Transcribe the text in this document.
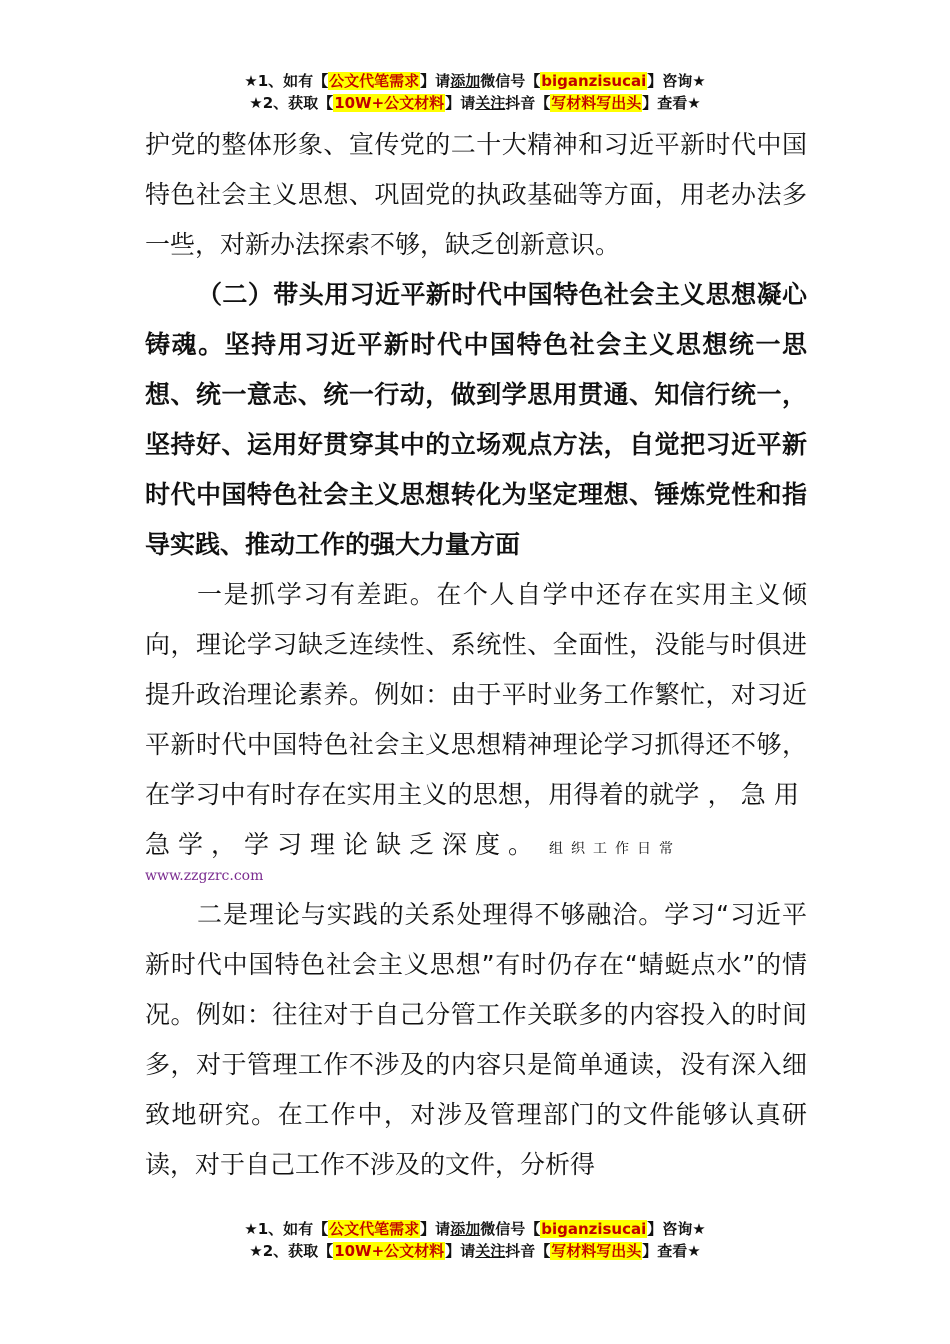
★1、如有【公文代笔需求】请添加微信号【biganzisucai】咨询★
★2、获取【10W+公文材料】请关注抖音【写材料写出头】查看★

护党的整体形象、宣传党的二十大精神和习近平新时代中国特色社会主义思想、巩固党的执政基础等方面，用老办法多一些，对新办法探索不够，缺乏创新意识。

（二）带头用习近平新时代中国特色社会主义思想凝心铸魂。坚持用习近平新时代中国特色社会主义思想统一思想、统一意志、统一行动，做到学思用贯通、知信行统一，坚持好、运用好贯穿其中的立场观点方法，自觉把习近平新时代中国特色社会主义思想转化为坚定理想、锤炼党性和指导实践、推动工作的强大力量方面

一是抓学习有差距。在个人自学中还存在实用主义倾向，理论学习缺乏连续性、系统性、全面性，没能与时俱进提升政治理论素养。例如：由于平时业务工作繁忙，对习近平新时代中国特色社会主义思想精神理论学习抓得还不够，在学习中有时存在实用主义的思想，用得着的就学，急用急学，学习理论缺乏深度。 组织工作日常

www.zzgzrc.com

二是理论与实践的关系处理得不够融洽。学习“习近平新时代中国特色社会主义思想”有时仍存在“蜻蜓点水”的情况。例如：往往对于自己分管工作关联多的内容投入的时间多，对于管理工作不涉及的内容只是简单通读，没有深入细致地研究。在工作中，对涉及管理部门的文件能够认真研读，对于自己工作不涉及的文件，分析得

★1、如有【公文代笔需求】请添加微信号【biganzisucai】咨询★
★2、获取【10W+公文材料】请关注抖音【写材料写出头】查看★
